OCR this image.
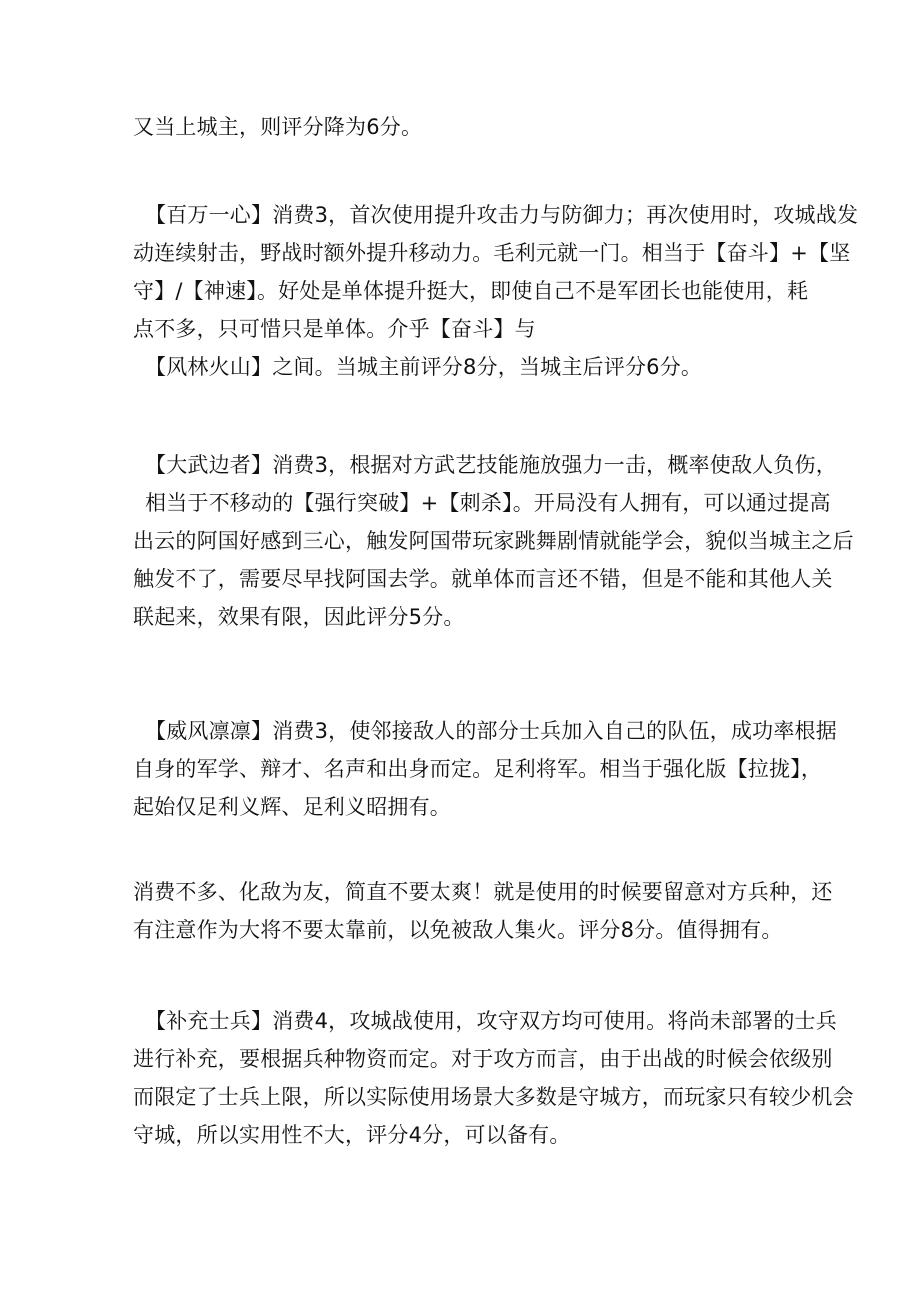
又当上城主，则评分降为6分。
【百万一心】消费3，首次使用提升攻击力与防御力；再次使用时，攻城战发
动连续射击，野战时额外提升移动力。毛利元就一门。相当于【奋斗】+【坚
守】/【神速】。好处是单体提升挺大，即使自己不是军团长也能使用，耗
点不多，只可惜只是单体。介乎【奋斗】与
【风林火山】之间。当城主前评分8分，当城主后评分6分。
【大武边者】消费3，根据对方武艺技能施放强力一击，概率使敌人负伤，
相当于不移动的【强行突破】+【刺杀】。开局没有人拥有，可以通过提高
出云的阿国好感到三心，触发阿国带玩家跳舞剧情就能学会，貌似当城主之后
触发不了，需要尽早找阿国去学。就单体而言还不错，但是不能和其他人关
联起来，效果有限，因此评分5分。
【威风凛凛】消费3，使邻接敌人的部分士兵加入自己的队伍，成功率根据
自身的军学、辩才、名声和出身而定。足利将军。相当于强化版【拉拢】，
起始仅足利义辉、足利义昭拥有。
消费不多、化敌为友，简直不要太爽！就是使用的时候要留意对方兵种，还
有注意作为大将不要太靠前，以免被敌人集火。评分8分。值得拥有。
【补充士兵】消费4，攻城战使用，攻守双方均可使用。将尚未部署的士兵
进行补充，要根据兵种物资而定。对于攻方而言，由于出战的时候会依级别
而限定了士兵上限，所以实际使用场景大多数是守城方，而玩家只有较少机会
守城，所以实用性不大，评分4分，可以备有。
